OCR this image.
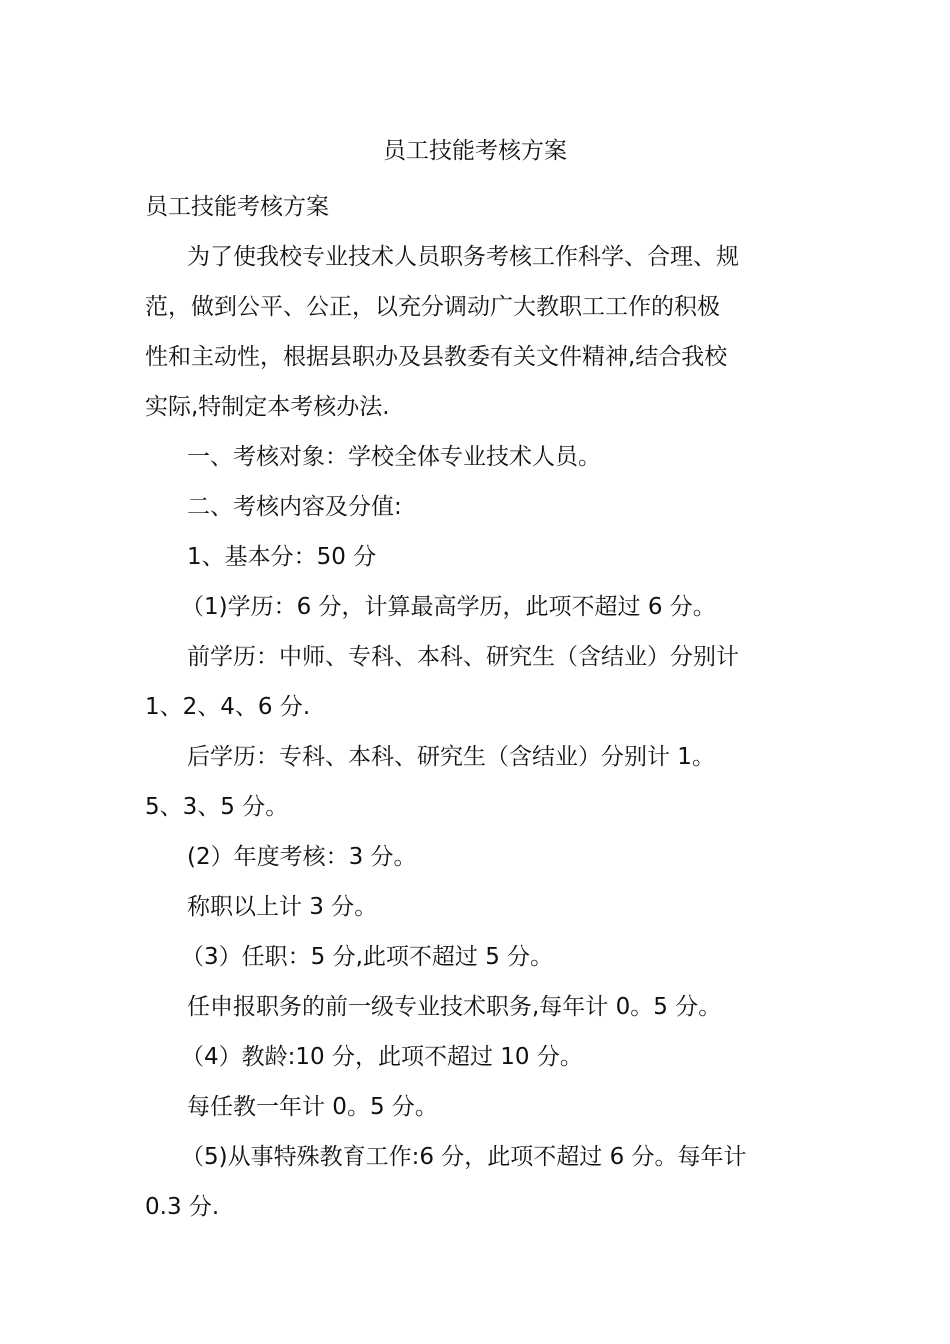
员工技能考核方案

员工技能考核方案

为了使我校专业技术人员职务考核工作科学、合理、规

范，做到公平、公正，以充分调动广大教职工工作的积极

性和主动性，根据县职办及县教委有关文件精神,结合我校

实际,特制定本考核办法.

一、考核对象：学校全体专业技术人员。

二、考核内容及分值:

1、基本分：50 分

（1)学历：6 分，计算最高学历，此项不超过 6 分。

前学历：中师、专科、本科、研究生（含结业）分别计

1、2、4、6 分.

后学历：专科、本科、研究生（含结业）分别计 1。

5、3、5 分。

(2）年度考核：3 分。

称职以上计 3 分。

（3）任职：5 分,此项不超过 5 分。

任申报职务的前一级专业技术职务,每年计 0。5 分。

（4）教龄:10 分，此项不超过 10 分。

每任教一年计 0。5 分。

（5)从事特殊教育工作:6 分，此项不超过 6 分。每年计

0.3 分.
